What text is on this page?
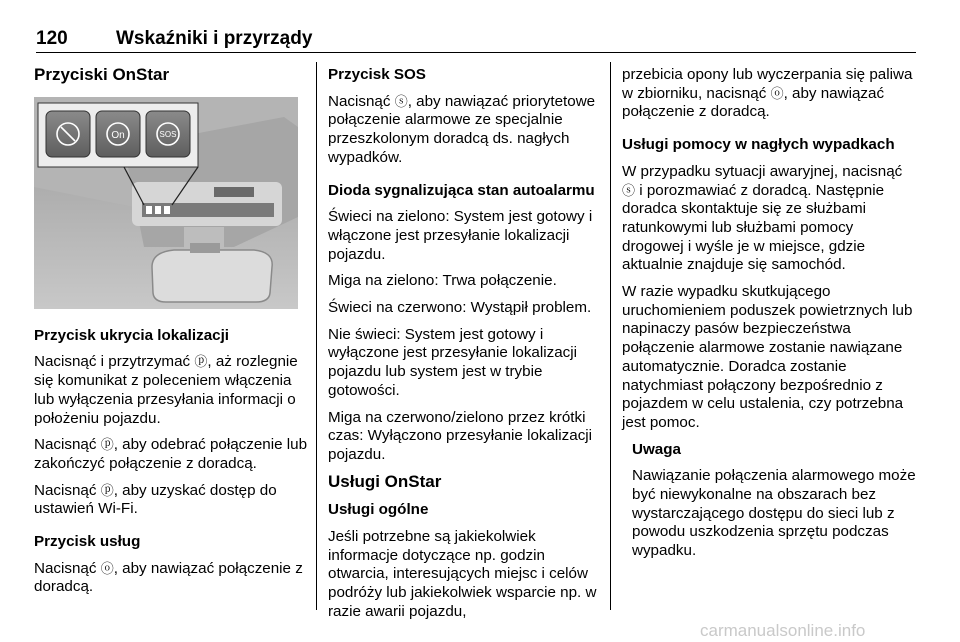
120	Wskaźniki i przyrządy
Przyciski OnStar
On	SOS

Przycisk ukrycia lokalizacji

Nacisnąć i przytrzymać ⓟ, aż rozlegnie się komunikat z poleceniem włączenia lub wyłączenia przesyłania informacji o położeniu pojazdu.

Nacisnąć ⓟ, aby odebrać połączenie lub zakończyć połączenie z doradcą.

Nacisnąć ⓟ, aby uzyskać dostęp do ustawień Wi-Fi.

Przycisk usług

Nacisnąć ⓞ, aby nawiązać połączenie z doradcą.

Przycisk SOS

Nacisnąć ⓢ, aby nawiązać priorytetowe połączenie alarmowe ze specjalnie przeszkolonym doradcą ds. nagłych wypadków.

Dioda sygnalizująca stan autoalarmu

Świeci na zielono: System jest gotowy i włączone jest przesyłanie lokalizacji pojazdu.

Miga na zielono: Trwa połączenie.

Świeci na czerwono: Wystąpił problem.

Nie świeci: System jest gotowy i wyłączone jest przesyłanie lokalizacji pojazdu lub system jest w trybie gotowości.

Miga na czerwono/zielono przez krótki czas: Wyłączono przesyłanie lokalizacji pojazdu.

Usługi OnStar

Usługi ogólne

Jeśli potrzebne są jakiekolwiek informacje dotyczące np. godzin otwarcia, interesujących miejsc i celów podróży lub jakiekolwiek wsparcie np. w razie awarii pojazdu,

przebicia opony lub wyczerpania się paliwa w zbiorniku, nacisnąć ⓞ, aby nawiązać połączenie z doradcą.

Usługi pomocy w nagłych wypadkach

W przypadku sytuacji awaryjnej, nacisnąć ⓢ i porozmawiać z doradcą. Następnie doradca skontaktuje się ze służbami ratunkowymi lub służbami pomocy drogowej i wyśle je w miejsce, gdzie aktualnie znajduje się samochód.

W razie wypadku skutkującego uruchomieniem poduszek powietrznych lub napinaczy pasów bezpieczeństwa połączenie alarmowe zostanie nawiązane automatycznie. Doradca zostanie natychmiast połączony bezpośrednio z pojazdem w celu ustalenia, czy potrzebna jest pomoc.

Uwaga

Nawiązanie połączenia alarmowego może być niewykonalne na obszarach bez wystarczającego dostępu do sieci lub z powodu uszkodzenia sprzętu podczas wypadku.

carmanualsonline.info
